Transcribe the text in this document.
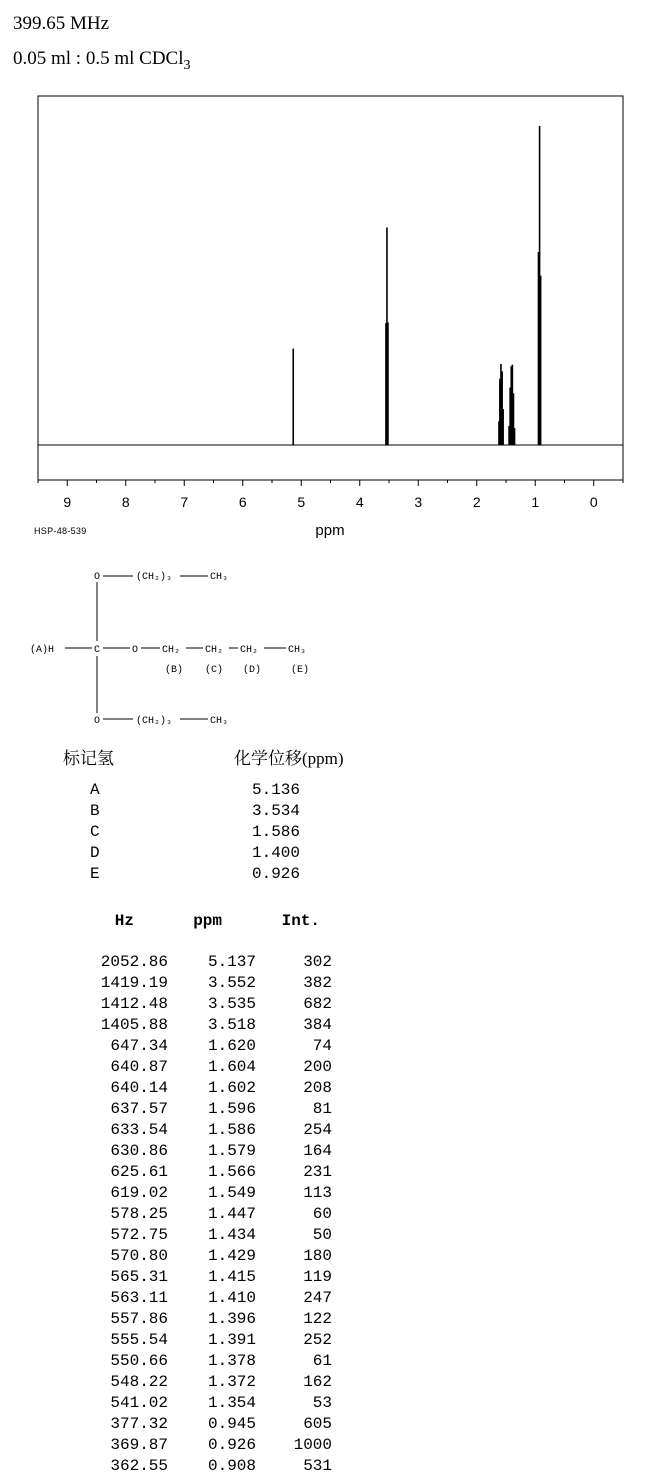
399.65 MHz
0.05 ml : 0.5 ml CDCl$_3$
9	8	7	6	5	4	3	2	1	0
ppm
HSP-48-539
O	(CH₂)₃	CH₃
(A)H	C	O CH₂ CH₂ CH₂	CH₃
(B) (C) (D)	(E)
O	(CH₂)₃	CH₃
标记氢	化学位移(ppm)
A	5.136
B	3.534
C	1.586
D	1.400
E	0.926
Hz	ppm	Int.
2052.86 5.137	302
1419.19 3.552	382
1412.48 3.535	682
1405.88 3.518	384
647.34 1.620	74
640.87 1.604	200
640.14 1.602	208
637.57 1.596	81
633.54 1.586	254
630.86 1.579	164
625.61 1.566	231
619.02 1.549	113
578.25 1.447	60
572.75 1.434	50
570.80 1.429	180
565.31 1.415	119
563.11 1.410	247
557.86 1.396	122
555.54 1.391	252
550.66 1.378	61
548.22 1.372	162
541.02 1.354	53
377.32 0.945	605
369.87 0.926 1000
362.55 0.908	531
